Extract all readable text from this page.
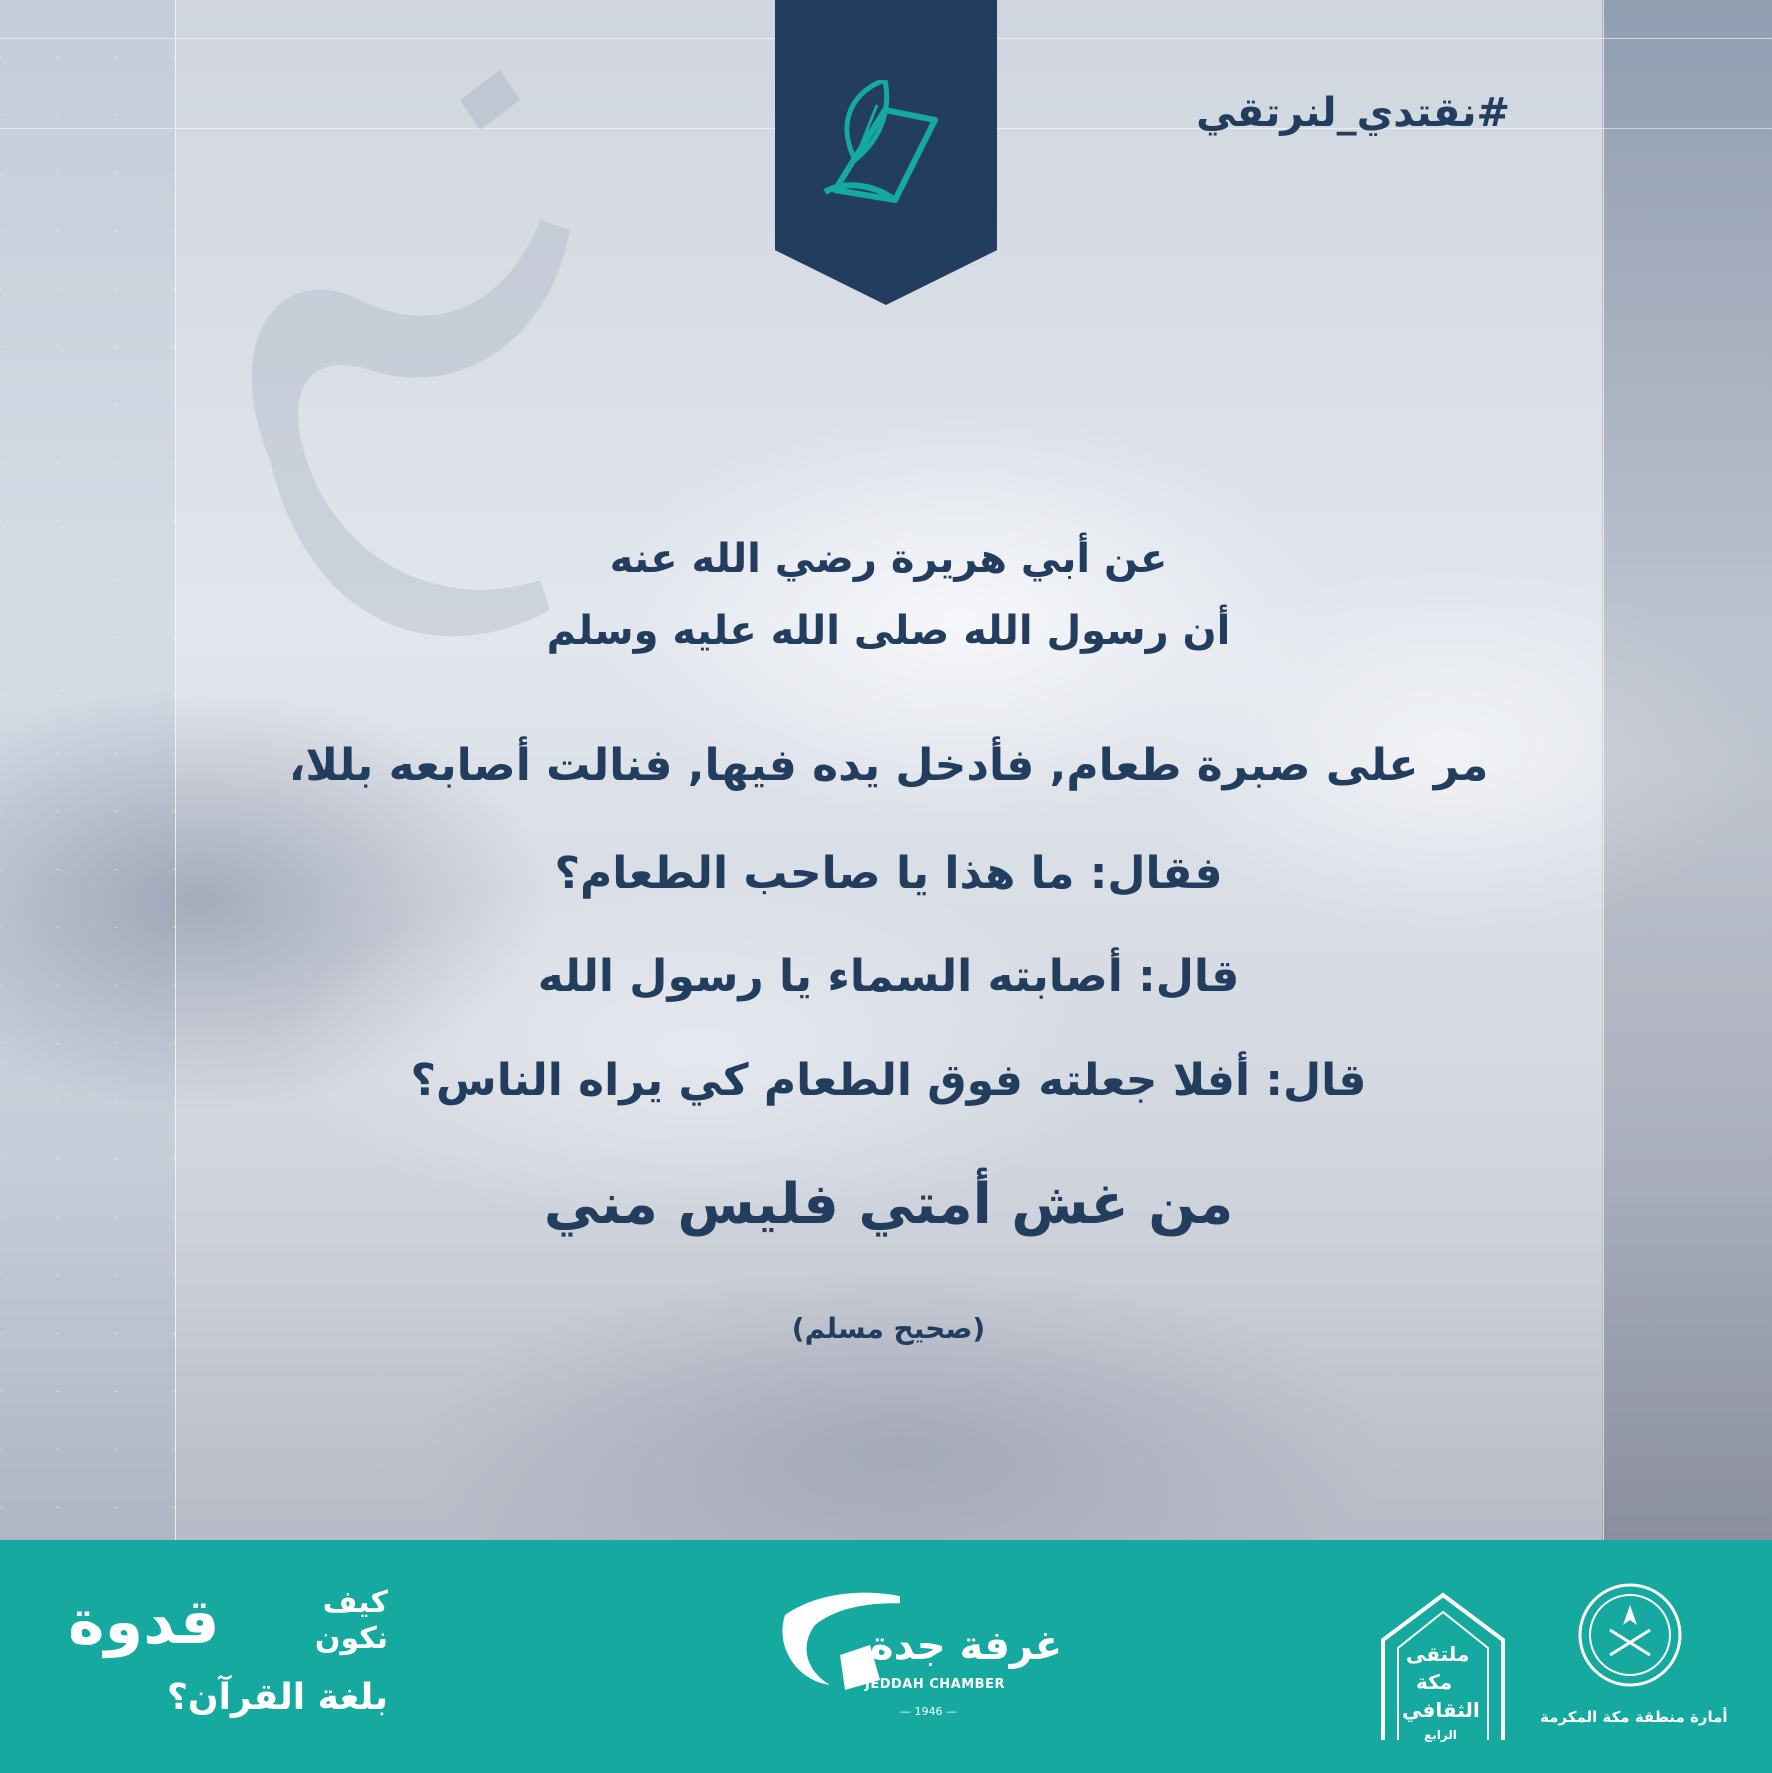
#نقتدي_لنرتقي
عن أبي هريرة رضي الله عنه
أن رسول الله صلى الله عليه وسلم
مر على صبرة طعام, فأدخل يده فيها, فنالت أصابعه بللا،
فقال: ما هذا يا صاحب الطعام؟
قال: أصابته السماء يا رسول الله
قال: أفلا جعلته فوق الطعام كي يراه الناس؟
من غش أمتي فليس مني
(صحيح مسلم)
كيف
نكون
قدوة
بلغة القرآن؟
غرفة جدة
JEDDAH CHAMBER
— 1946 —
ملتقى
مكة
الثقافي
الرابع
أمارة منطقة مكة المكرمة
